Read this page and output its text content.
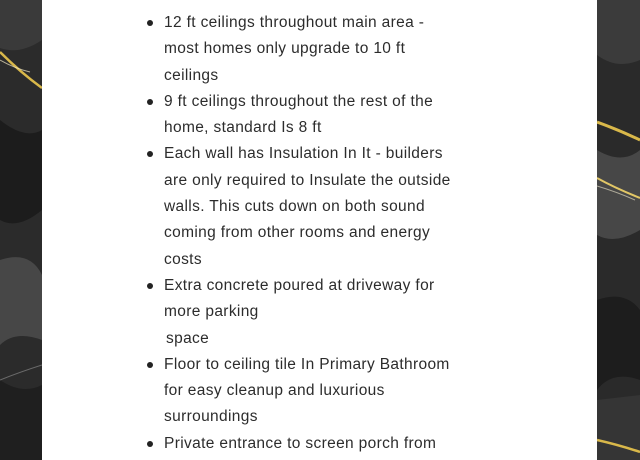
12 ft ceilings throughout main area -
most homes only upgrade to 10 ft
ceilings
9 ft ceilings throughout the rest of the
home, standard Is 8 ft
Each wall has Insulation In It - builders
are only required to Insulate the outside
walls. This cuts down on both sound
coming from other rooms and energy
costs
Extra concrete poured at driveway for
more parking
space
Floor to ceiling tile In Primary Bathroom
for easy cleanup and luxurious
surroundings
Private entrance to screen porch from
